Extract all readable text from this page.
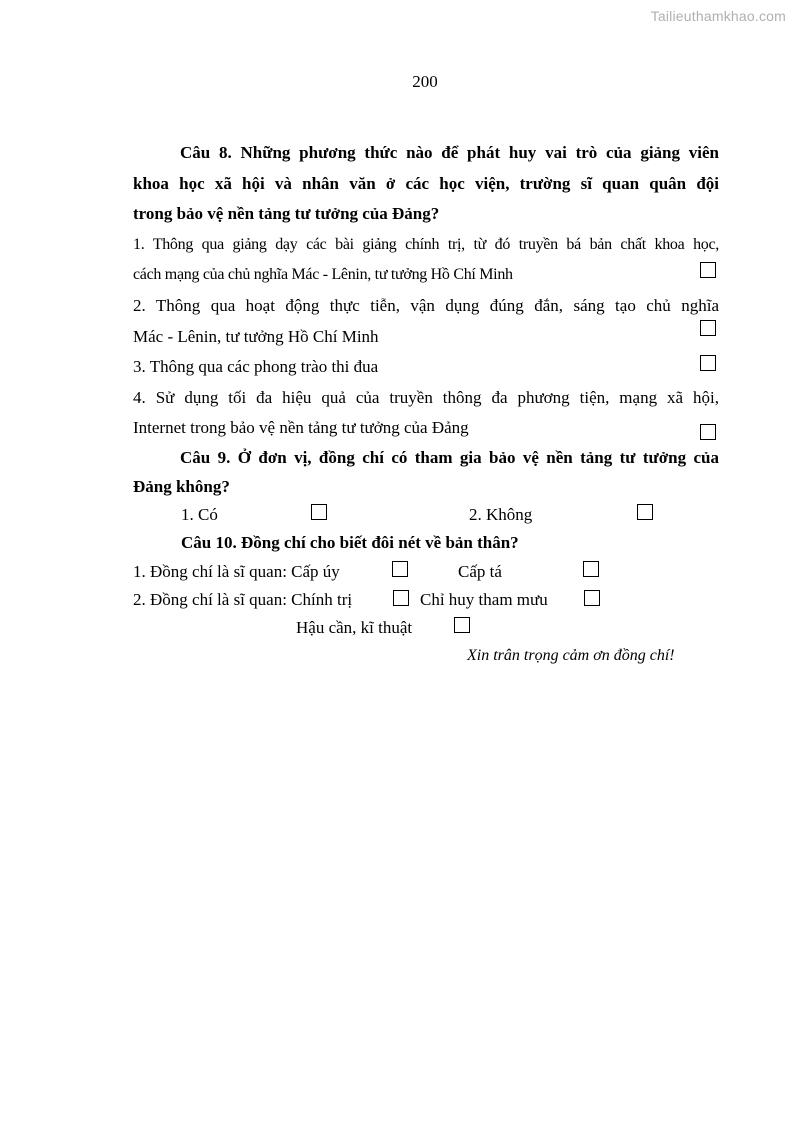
Tailieuthamkhao.com
200
Câu 8. Những phương thức nào để phát huy vai trò của giảng viên
khoa học xã hội và nhân văn ở các học viện, trường sĩ quan quân đội
trong bảo vệ nền tảng tư tưởng của Đảng?
1. Thông qua giảng dạy các bài giảng chính trị, từ đó truyền bá bản chất khoa học,
cách mạng của chủ nghĩa Mác - Lênin, tư tưởng Hồ Chí Minh
2. Thông qua hoạt động thực tiễn, vận dụng đúng đắn, sáng tạo chủ nghĩa
Mác - Lênin, tư tưởng Hồ Chí Minh
3. Thông qua các phong trào thi đua
4. Sử dụng tối đa hiệu quả của truyền thông đa phương tiện, mạng xã hội,
Internet trong bảo vệ nền tảng tư tưởng của Đảng
Câu 9. Ở đơn vị, đồng chí có tham gia bảo vệ nền tảng tư tưởng của
Đảng không?
1. Có	2. Không
Câu 10. Đồng chí cho biết đôi nét về bản thân?
1. Đồng chí là sĩ quan: Cấp úy	Cấp tá
2. Đồng chí là sĩ quan: Chính trị	Chỉ huy tham mưu
Hậu cần, kĩ thuật
Xin trân trọng cảm ơn đồng chí!
